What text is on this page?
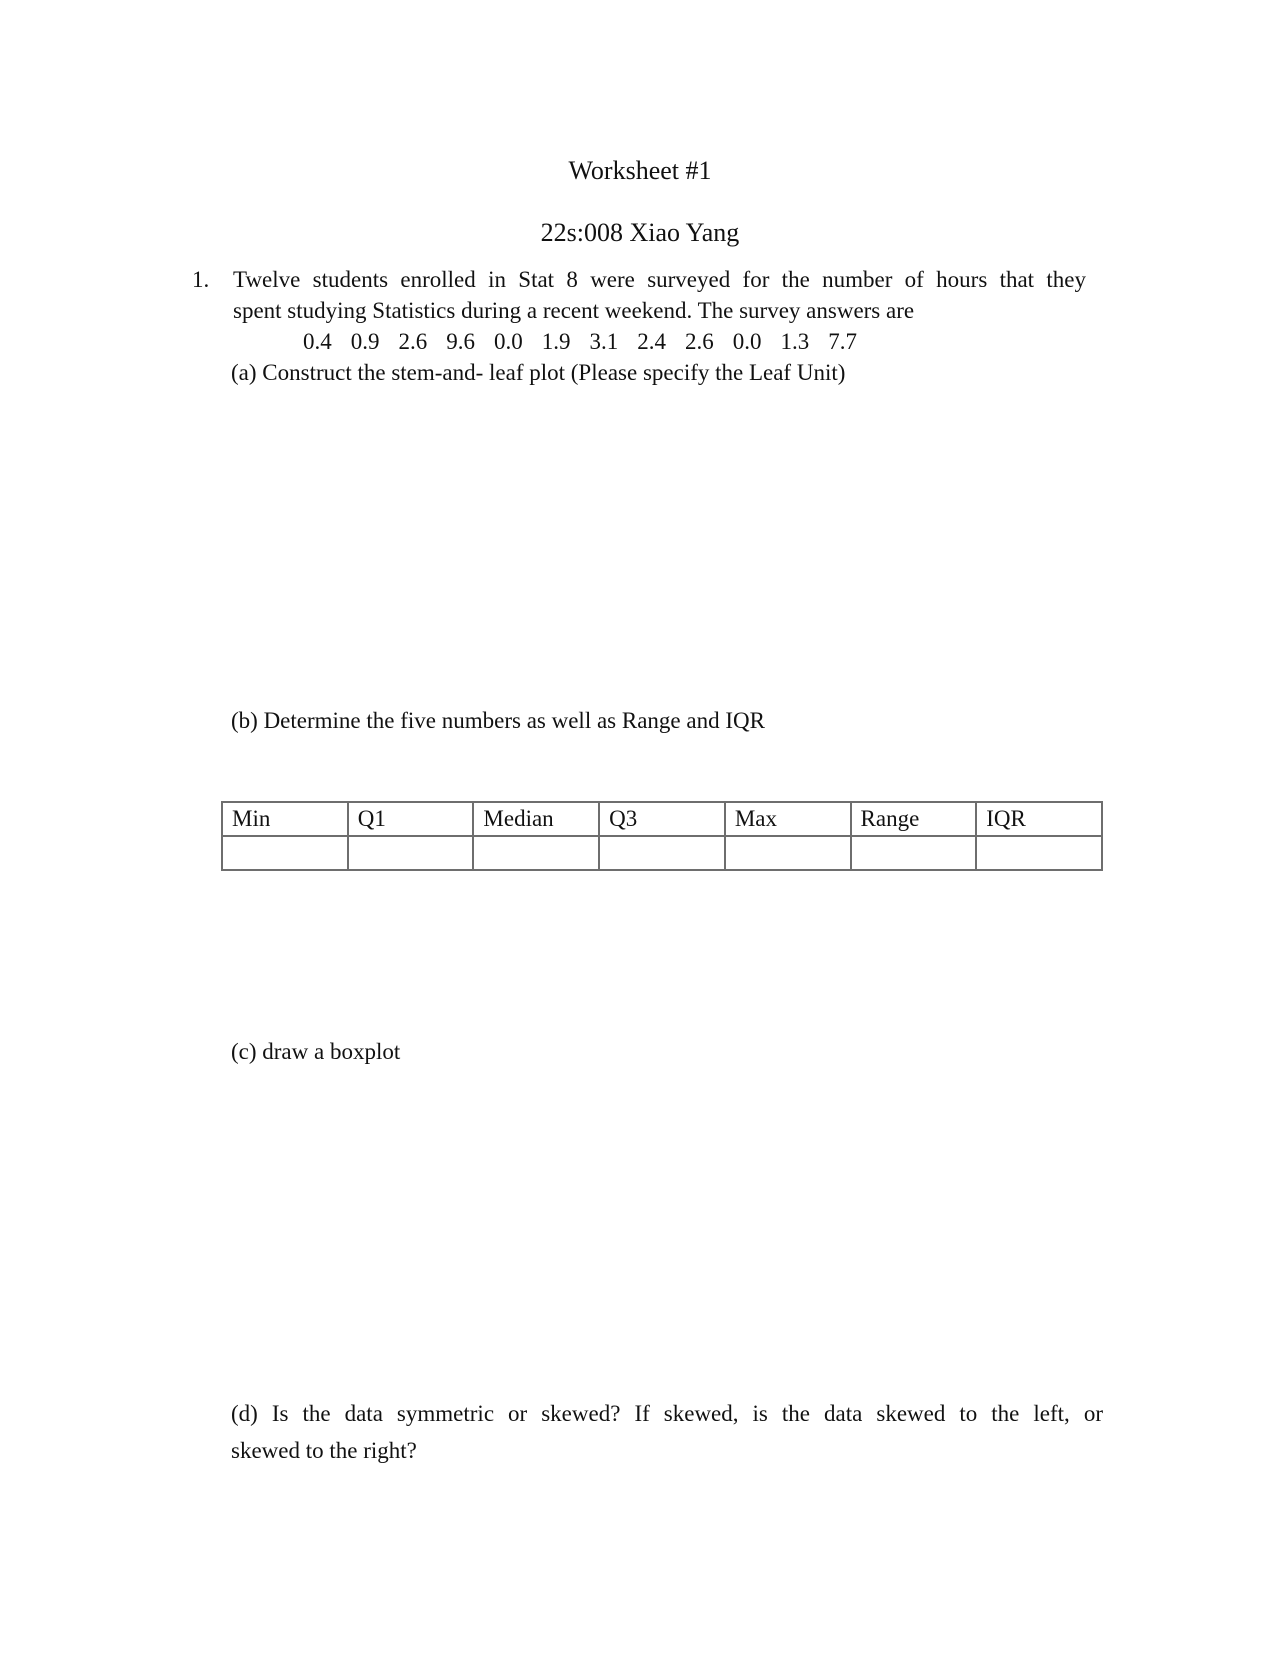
Worksheet #1
22s:008 Xiao Yang
1. Twelve students enrolled in Stat 8 were surveyed for the number of hours that they
spent studying Statistics during a recent weekend. The survey answers are
0.4 0.9 2.6 9.6 0.0 1.9 3.1 2.4 2.6 0.0 1.3 7.7
(a) Construct the stem-and- leaf plot (Please specify the Leaf Unit)
(b) Determine the five numbers as well as Range and IQR
Min	Q1	Median	Q3	Max	Range	IQR

(c) draw a boxplot
(d) Is the data symmetric or skewed? If skewed, is the data skewed to the left, or
skewed to the right?
